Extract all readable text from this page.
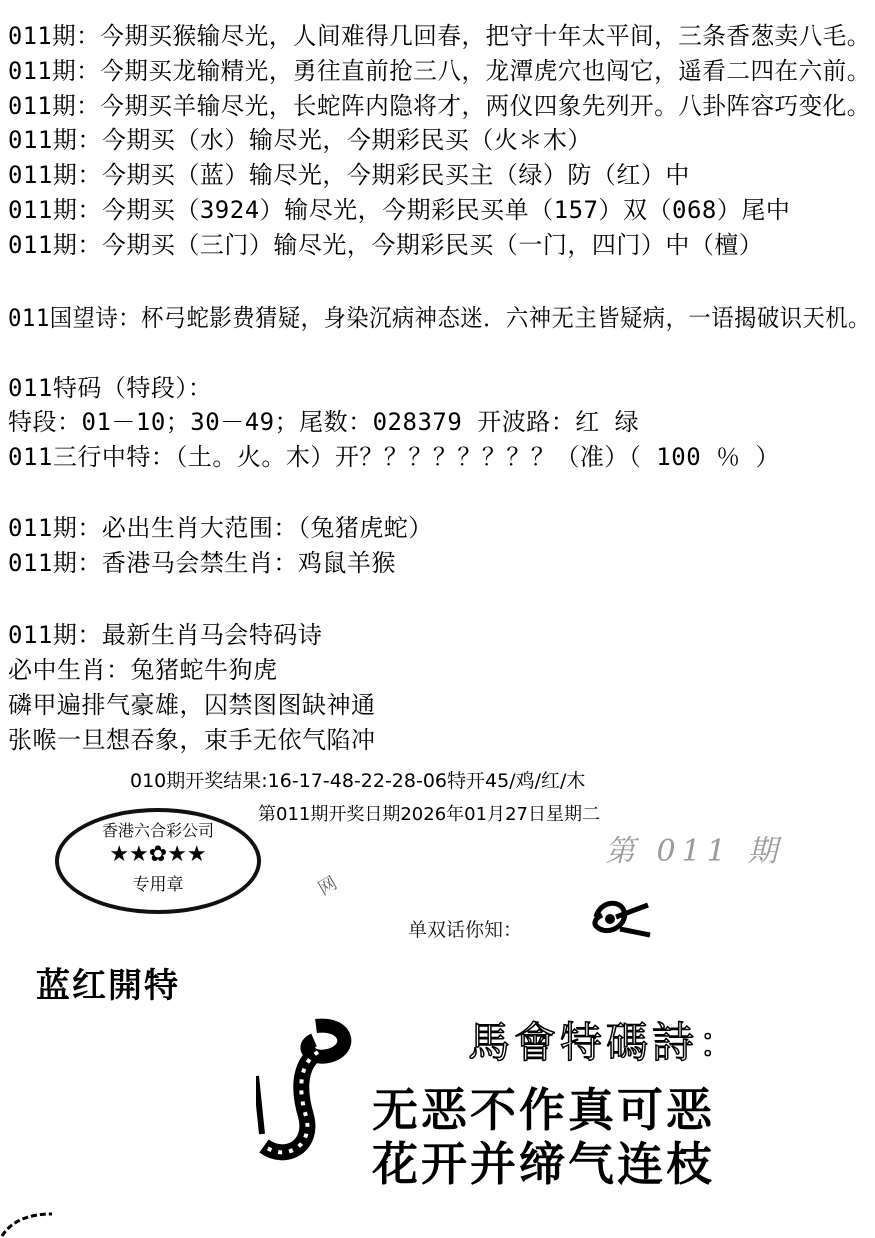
011期：今期买猴输尽光，人间难得几回春，把守十年太平间，三条香葱卖八毛。
011期：今期买龙输精光，勇往直前抢三八，龙潭虎穴也闯它，遥看二四在六前。
011期：今期买羊输尽光，长蛇阵内隐将才，两仪四象先列开。八卦阵容巧变化。
011期：今期买（水）输尽光，今期彩民买（火＊木）
011期：今期买（蓝）输尽光，今期彩民买主（绿）防（红）中
011期：今期买（3924）输尽光，今期彩民买单（157）双（068）尾中
011期：今期买（三门）输尽光，今期彩民买（一门，四门）中（檀）
011国望诗：杯弓蛇影费猜疑，身染沉病神态迷．六神无主皆疑病，一语揭破识天机。
011特码（特段）：
特段：01－10；30－49；尾数：028379 开波路：红 绿
011三行中特：（土。火。木）开？？？？？？？？（准）（ 100 ％ ）
011期：必出生肖大范围：（兔猪虎蛇）
011期：香港马会禁生肖：鸡鼠羊猴
011期：最新生肖马会特码诗
必中生肖：兔猪蛇牛狗虎
磷甲遍排气豪雄，囚禁图图缺神通
张喉一旦想吞象，束手无依气陷冲
010期开奖结果:16-17-48-22-28-06特开45/鸡/红/木
第011期开奖日期2026年01月27日星期二
香港六合彩公司
★★✿★★
专用章
第 011 期
网
单双话你知：
蓝红開特
馬會特碼詩：
无恶不作真可恶
花开并缔气连枝
